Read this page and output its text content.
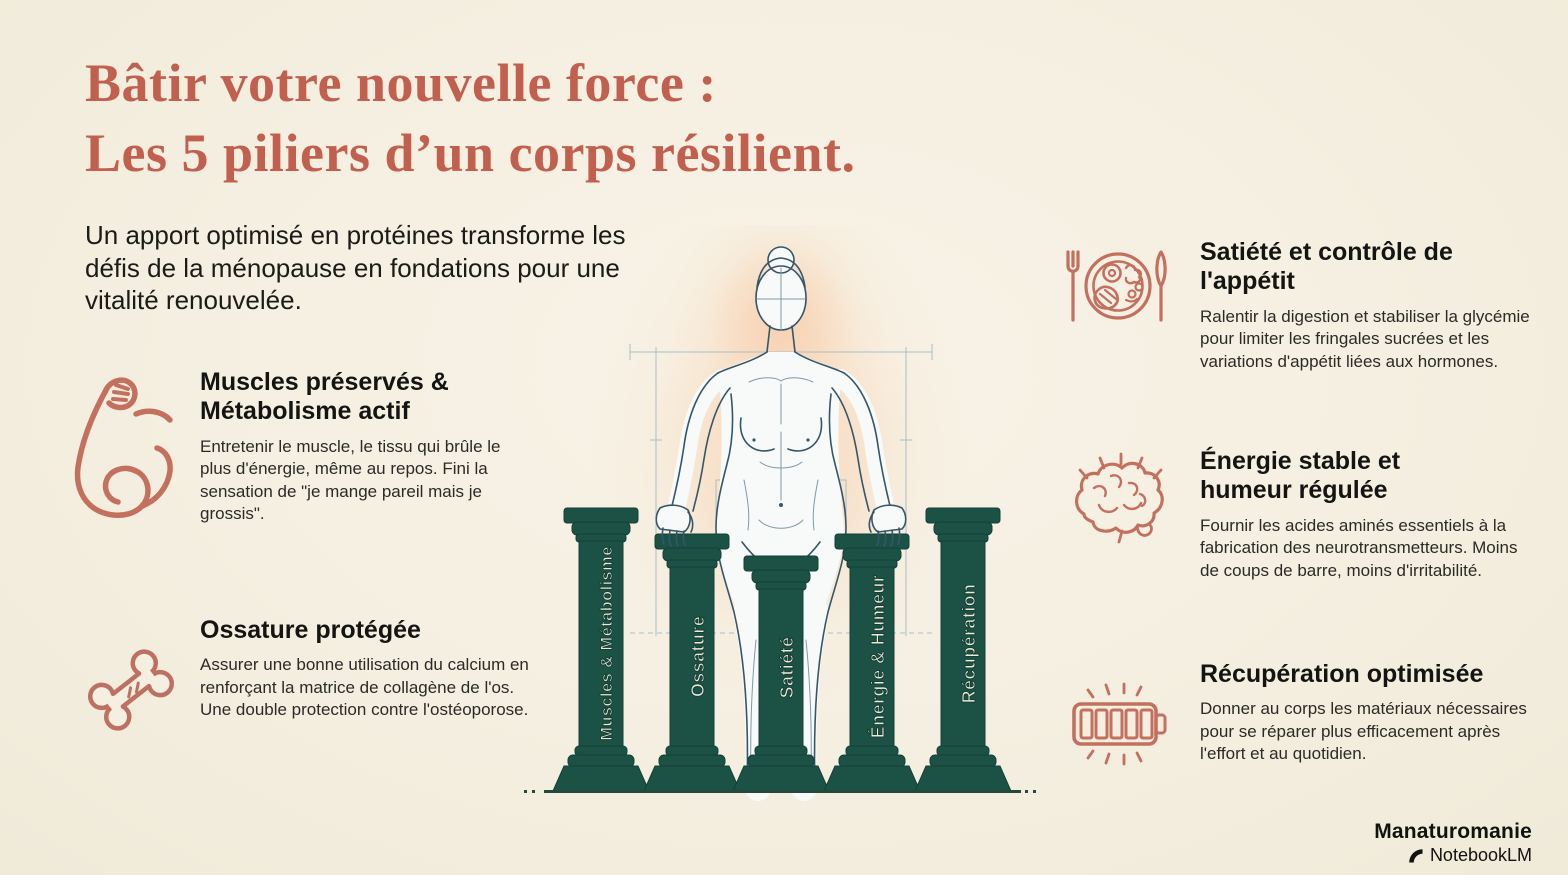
Bâtir votre nouvelle force :
Les 5 piliers d’un corps résilient.

Un apport optimisé en protéines transforme les défis de la ménopause en fondations pour une vitalité renouvelée.

Muscles préservés & Métabolisme actif

Entretenir le muscle, le tissu qui brûle le plus d'énergie, même au repos. Fini la sensation de "je mange pareil mais je grossis".

Ossature protégée

Assurer une bonne utilisation du calcium en renforçant la matrice de collagène de l'os. Une double protection contre l'ostéoporose.

Satiété et contrôle de l'appétit

Ralentir la digestion et stabiliser la glycémie pour limiter les fringales sucrées et les variations d'appétit liées aux hormones.

Énergie stable et humeur régulée

Fournir les acides aminés essentiels à la fabrication des neurotransmetteurs. Moins de coups de barre, moins d'irritabilité.

Récupération optimisée

Donner au corps les matériaux nécessaires pour se réparer plus efficacement après l'effort et au quotidien.

Muscles & Métabolisme	Ossature	Satiété	Énergie & Humeur	Récupération

Manaturomanie

NotebookLM
